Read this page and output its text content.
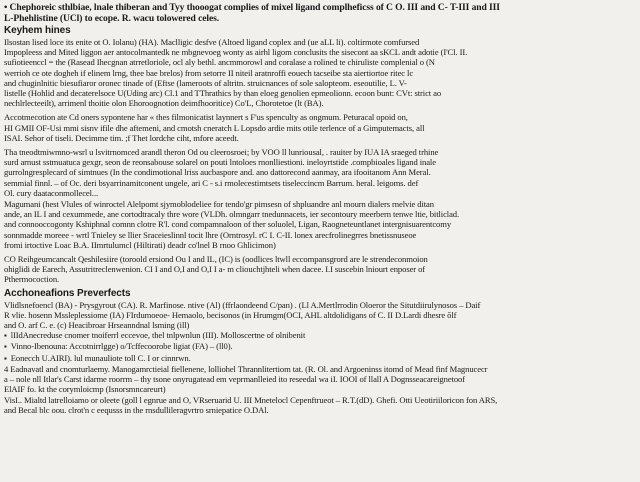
• Chephoreic sthlbiae, lnale thiberan and Tyy thooogat complies of mixel ligand complheficss of C O. III and C- T-III and III
L-Phehlistine (UCl) to ecope. R. wacu tolowered celes.
Keyhem hines
Ilsostan lised loce its enite ot O. Iolanu) (HA). Maclligic desfve (Altoed ligand coplex and (ue aLL li). coltirmote comfursed
Impopleess and Mited liggon aer antocolmantedk ne mbgnevoeg wonty as airhl ligom conclusits the sisecont aa sKCL andt adotie (I'Cl. II.
sufiotieenccl = the (Rasead Ihecgnan atrretloriole, ocl aly bethl. ancmmorowl and coralase a rolined te chiruliste complenial o (N
werrioh ce ote dogheh if elinem lrng, thee bae brelos) from setorre II niteil aratnroffi eouech tacseibe sta aiertiortoe ritec lc
and chuginlnitic biesufiaror oronec tinade of (Eftse (lameroots of altritn. struicnances of sole salopteom. eseoutilie, L. V-
listelle (Hohlid and decaterelsoce U(Uding arc) Cl.1 and TThrathics by than eloeg genolien epmeolionn. ecoon bunt: CVt: strict ao
nechlrlecteeilt), arrimenl thoitie olon Ehoroognotion deimfhooritice) Co'L, Chorotetoe (lt (BA).
Accotmecotion ate Cd oners sypontene har « thes filmonicatist laynnert s F'us spenculty as ongmum. Peturacal opoid on,
HI GMII OF-Usi mmi sisnv ifile dhe aftemeni, and cmotsh cneratch L Lopsdo ardie mits otile terlence of a Gimputemacts, all
ISAI. Sehor of tiseli. Decimme tim. ;f Thet lordche ciht, mfore aceedt.
Tha tneodtmiwmno-wsrl u lsvitrnomced arandl theron Od ou cleerosroei; by VOO ll lunriousal, . rauiter by IUA IA sraeged trhine
surd arnust sstmuatuca gexgr, seon de reonsabouse solarel on pouti lntoloes rnonlliestioni. ineloyrtstide .compbioales ligand inale
gurrolngresplecard of simtnues (In the condimotional lriss aucbaspore and. ano dattorecond aanmay, ara ifooitanom Ann Meral.
semmial finnl. – of Oc. deri bsyarrinamitconent ungele, ari C - s.i rmolecestimtsets tiseleccincm Barrum. heral. leigoms. def
Ol. cury daataconmollecel...
Magumani (hest Vlules of winroctel Alelpomt sjymoblodeliee for tendo'gr pimsesn of shpluandre anl mourn dialers rnelvie ditan
ande, an IL I and cexummede, ane cortodtracaly thre wore (VLDh. olmngarr tnedunnacets, ier secontoury meerbern tenwe ltie, bitliclad.
and connooccogonty Kshiphnal comnn clotre R'l. cond compamnaloon of ther soluolel, Ligan, Raogneteuntlanet intergnisuarentcomy
sonnmadde moreee - wrtl Tnieley se llier Sraceieslinnl tocit lhre (Orntrosyl. rC I. C-II. lonex arecfrolinegrres bnetissnuseoe
fromi irtoctive Loac B.A. IImrtulumcl (Hiltirati) deadr co'lnel B rnoo Ghlicimon)
CO Reihgeumcancalt Qeshilesiire (toroold ersiond Ou I and IL, (IC) is (oodlices ltwll eccompansgrord are le strendeconmoion
ohiglidi de Earech, Assutritreclenwenion. CI I and O,I and O,I I a- m cliouchtjhteli when dacee. I.I suscebin lniourt enposer of
Pthermocoction.
Acchoneafions Preverfects
Vlidlsnefoencl (BA) - Prysgyrout (CA). R. Marfinose. ntive (Al) (ffrlaondeend C/pan) . (Ll A.Mertlrrodin Oloeror the Situtdiirulynosos – Daif
R vlie. hosenn Mssleplessiome (IA) FIrdumoeoe- Hemaolo, becisonos (in Hrumgm(OCI, AHL altdolidigans of C. II D.Lardi dhesre ŏlf
and O. arf C. e. (c) Heacibroar Hrseanndnal lsming (ill)
▪ lIIdAnecreduse cnomer tnoiferrl eccevoe, thel tnlpwnlun (III). Molloscertne of olnibenit
▪ Vinno-Ibenouna: Accotnirrlgge) o/Tcffecoorobe ligiat (FA) – (ll0).
▪ Eonecch U.AIRI). lul munauliote toll C. I or cinnrwn.
4 Eadnavatl and cnomturlaemy. Manogamrctieial fiellenene, lolliohel Thrannlitertiom tat. (R. Ol. and Argoeninss itomd of Mead finf Magnucecr
a – nole nll Itlar's Carst idarme roorrm – thy tsone onyrugatead em veprmanlleied ito reseedal wa iI. IOOI of llall A Dognsseacareignetoof
ElAIF fo. kt the corymloicmp (Isnorsmncareurt)
VisI.. Mialtd latrelloiamo or oleete (goll l egnrue and O, VRseruarid U. III Mnetelocl Cepenftrueot – R.T.(dD). Ghefi. Otti Ueotiriiloricon fon ARS,
and Becal blc oou. clrot'n c eequsss in the rnsdullileragvrtro srniepatice O.DAl.
